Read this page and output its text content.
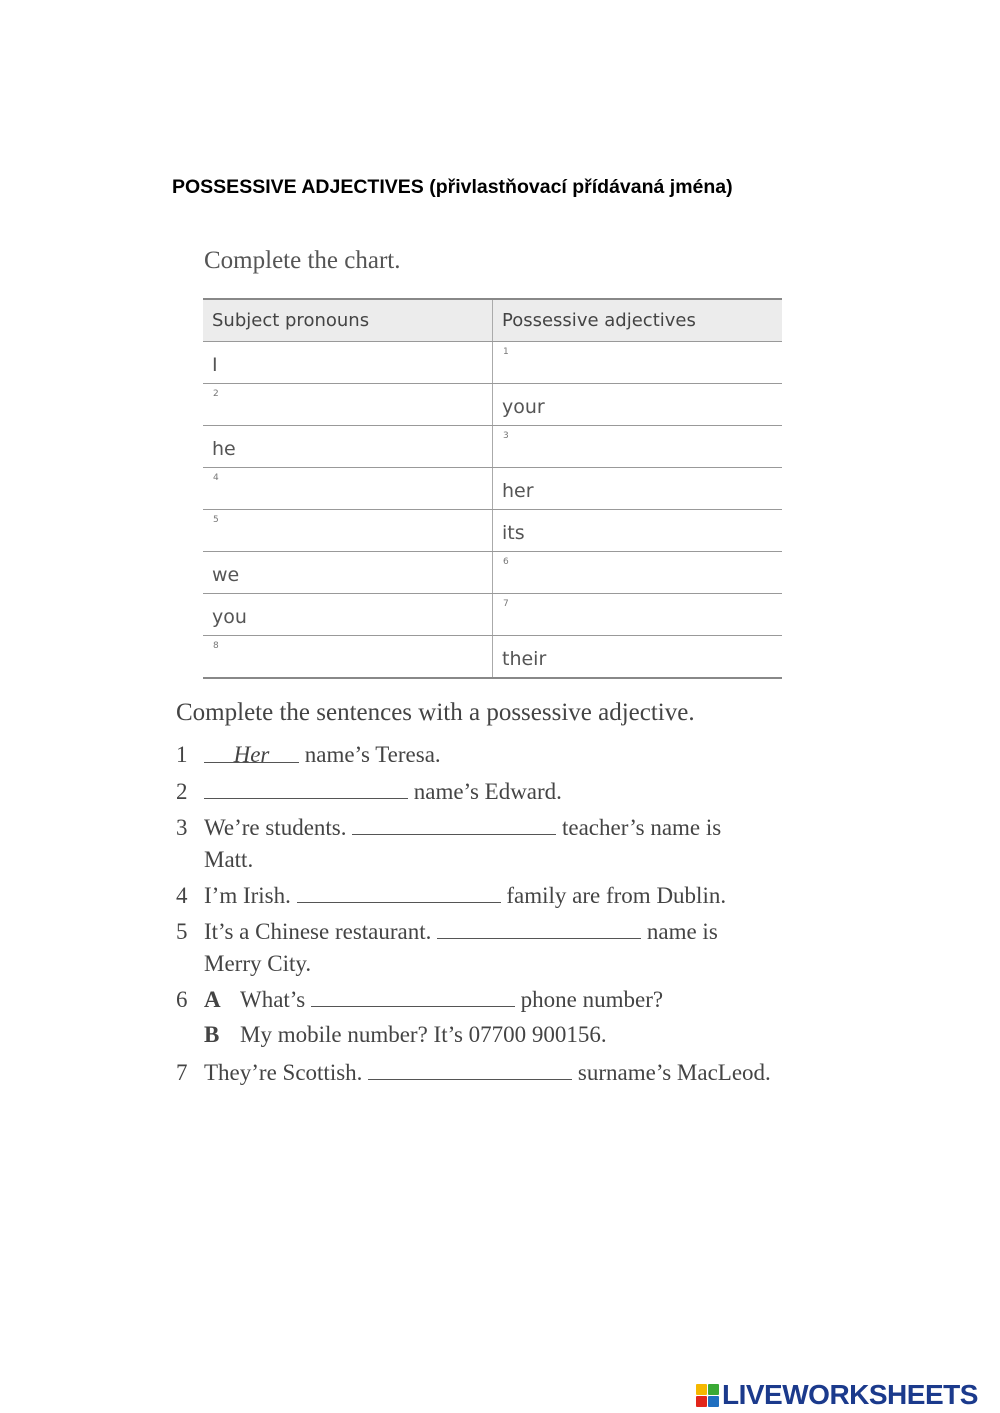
POSSESSIVE ADJECTIVES (přivlastňovací přídávaná jména)
Complete the chart.
Subject pronouns	Possessive adjectives
I	1

2	your
he	3

4	her

5	its
we	6

you	7

8	their
Complete the sentences with a possessive adjective.
1 Her name’s Teresa.
2	name’s Edward.
3 We’re students.	teacher’s name is
Matt.
4 I’m Irish.	family are from Dublin.
5 It’s a Chinese restaurant.	name is
Merry City.
6 A What’s	phone number?
B My mobile number? It’s 07700 900156.
7 They’re Scottish.	surname’s MacLeod.
LIVEWORKSHEETS
